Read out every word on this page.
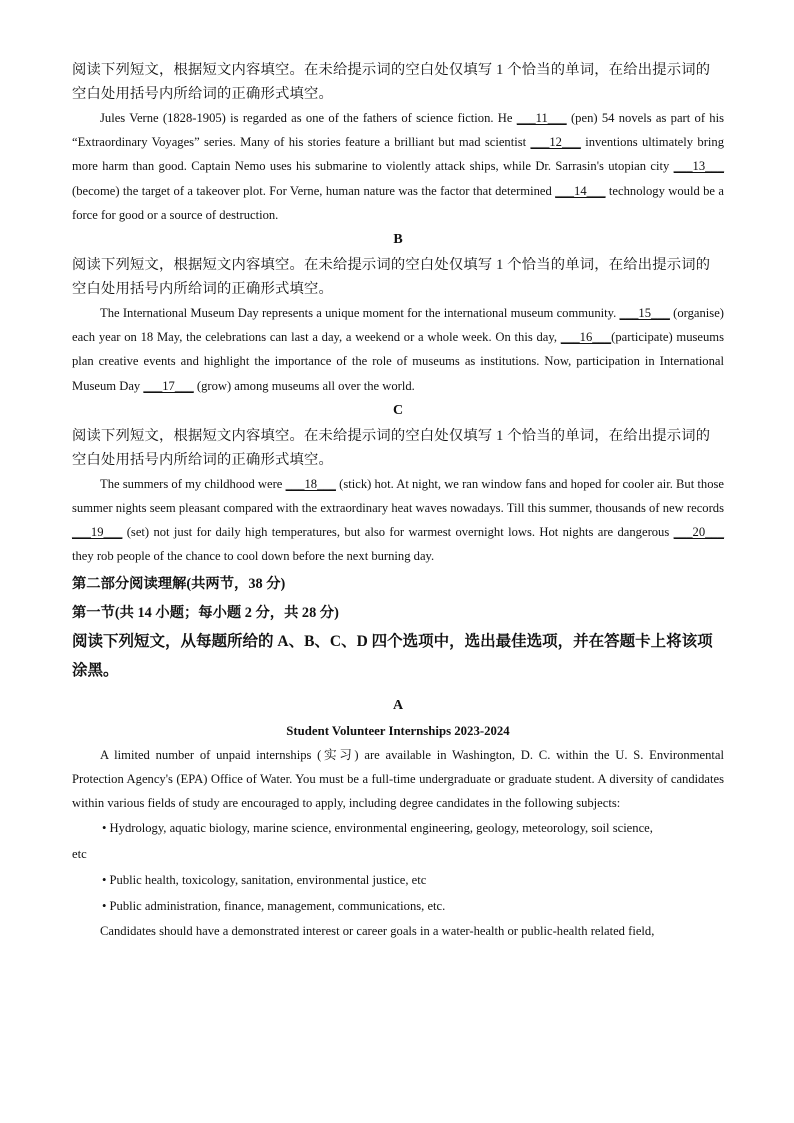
阅读下列短文，根据短文内容填空。在未给提示词的空白处仅填写 1 个恰当的单词，在给出提示词的空白处用括号内所给词的正确形式填空。

Jules Verne (1828-1905) is regarded as one of the fathers of science fiction. He ___11___ (pen) 54 novels as part of his “Extraordinary Voyages” series. Many of his stories feature a brilliant but mad scientist ___12___ inventions ultimately bring more harm than good. Captain Nemo uses his submarine to violently attack ships, while Dr. Sarrasin's utopian city ___13___ (become) the target of a takeover plot. For Verne, human nature was the factor that determined ___14___ technology would be a force for good or a source of destruction.

B

阅读下列短文，根据短文内容填空。在未给提示词的空白处仅填写 1 个恰当的单词，在给出提示词的空白处用括号内所给词的正确形式填空。

The International Museum Day represents a unique moment for the international museum community. ___15___ (organise) each year on 18 May, the celebrations can last a day, a weekend or a whole week. On this day, ___16___(participate) museums plan creative events and highlight the importance of the role of museums as institutions. Now, participation in International Museum Day ___17___ (grow) among museums all over the world.

C

阅读下列短文，根据短文内容填空。在未给提示词的空白处仅填写 1 个恰当的单词，在给出提示词的空白处用括号内所给词的正确形式填空。

The summers of my childhood were ___18___ (stick) hot. At night, we ran window fans and hoped for cooler air. But those summer nights seem pleasant compared with the extraordinary heat waves nowadays. Till this summer, thousands of new records ___19___ (set) not just for daily high temperatures, but also for warmest overnight lows. Hot nights are dangerous ___20___ they rob people of the chance to cool down before the next burning day.

第二部分阅读理解(共两节，38 分)

第一节(共 14 小题；每小题 2 分，共 28 分)

阅读下列短文，从每题所给的 A、B、C、D 四个选项中，选出最佳选项，并在答题卡上将该项涂黑。

A

Student Volunteer Internships 2023-2024

A limited number of unpaid internships (实习) are available in Washington, D. C. within the U. S. Environmental Protection Agency's (EPA) Office of Water. You must be a full-time undergraduate or graduate student. A diversity of candidates within various fields of study are encouraged to apply, including degree candidates in the following subjects:

• Hydrology, aquatic biology, marine science, environmental engineering, geology, meteorology, soil science,

etc

• Public health, toxicology, sanitation, environmental justice, etc

• Public administration, finance, management, communications, etc.

Candidates should have a demonstrated interest or career goals in a water-health or public-health related field,
